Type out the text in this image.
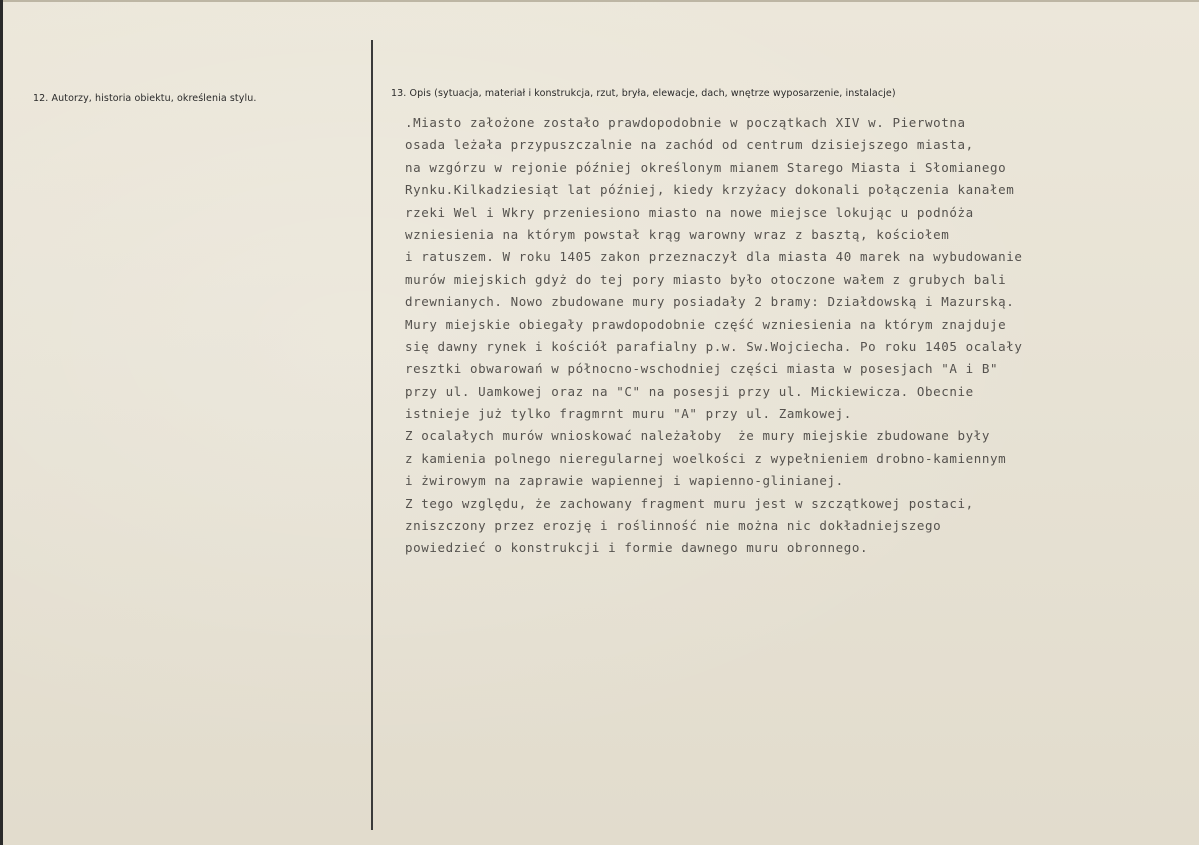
12. Autorzy, historia obiektu, określenia stylu.	13. Opis (sytuacja, materiał i konstrukcja, rzut, bryła, elewacje, dach, wnętrze wyposarzenie, instalacje)
.Miasto założone zostało prawdopodobnie w początkach XIV w. Pierwotna
osada leżała przypuszczalnie na zachód od centrum dzisiejszego miasta,
na wzgórzu w rejonie później określonym mianem Starego Miasta i Słomianego
Rynku.Kilkadziesiąt lat później, kiedy krzyżacy dokonali połączenia kanałem
rzeki Wel i Wkry przeniesiono miasto na nowe miejsce lokując u podnóża
wzniesienia na którym powstał krąg warowny wraz z basztą, kościołem
i ratuszem. W roku 1405 zakon przeznaczył dla miasta 40 marek na wybudowanie
murów miejskich gdyż do tej pory miasto było otoczone wałem z grubych bali
drewnianych. Nowo zbudowane mury posiadały 2 bramy: Działdowską i Mazurską.
Mury miejskie obiegały prawdopodobnie część wzniesienia na którym znajduje
się dawny rynek i kościół parafialny p.w. Sw.Wojciecha. Po roku 1405 ocalały
resztki obwarowań w północno-wschodniej części miasta w posesjach "A i B"
przy ul. Uamkowej oraz na "C" na posesji przy ul. Mickiewicza. Obecnie
istnieje już tylko fragmrnt muru "A" przy ul. Zamkowej.
Z ocalałych murów wnioskować należałoby  że mury miejskie zbudowane były
z kamienia polnego nieregularnej woelkości z wypełnieniem drobno-kamiennym
i żwirowym na zaprawie wapiennej i wapienno-glinianej.
Z tego względu, że zachowany fragment muru jest w szczątkowej postaci,
zniszczony przez erozję i roślinność nie można nic dokładniejszego
powiedzieć o konstrukcji i formie dawnego muru obronnego.
